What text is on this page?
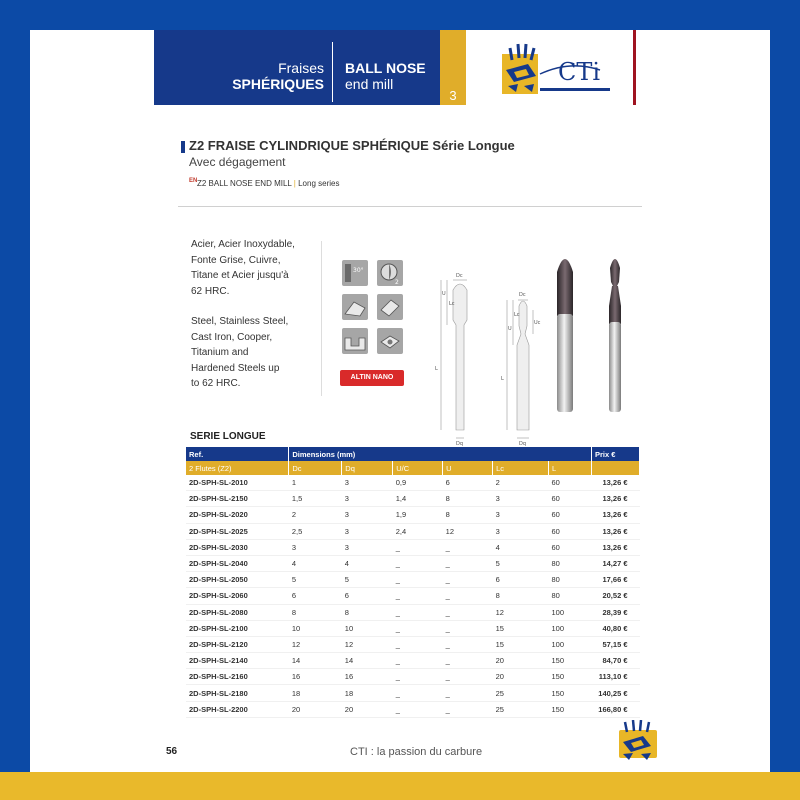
Fraises
SPHÉRIQUES
BALL NOSE
end mill
3
CTi
Z2 FRAISE CYLINDRIQUE SPHÉRIQUE Série Longue
Avec dégagement
EN Z2 BALL NOSE END MILL | Long series
Acier, Acier Inoxydable,
Fonte Grise, Cuivre,
Titane et Acier jusqu'à
62 HRC.
Steel, Stainless Steel,
Cast Iron, Cooper,
Titanium and
Hardened Steels up
to 62 HRC.
30°
2
ALTIN NANO
Dc
Lc
U
L
Dq
Dc
Lc
Uc
U
L
Dq
SERIE LONGUE
Ref.	Dimensions (mm)						Prix €
2 Flutes (Z2)	Dc	Dq	U/C	U	Lc	L	
2D-SPH-SL-2010	1	3	0,9	6	2	60	13,26 €
2D-SPH-SL-2150	1,5	3	1,4	8	3	60	13,26 €
2D-SPH-SL-2020	2	3	1,9	8	3	60	13,26 €
2D-SPH-SL-2025	2,5	3	2,4	12	3	60	13,26 €
2D-SPH-SL-2030	3	3	_	_	4	60	13,26 €
2D-SPH-SL-2040	4	4	_	_	5	80	14,27 €
2D-SPH-SL-2050	5	5	_	_	6	80	17,66 €
2D-SPH-SL-2060	6	6	_	_	8	80	20,52 €
2D-SPH-SL-2080	8	8	_	_	12	100	28,39 €
2D-SPH-SL-2100	10	10	_	_	15	100	40,80 €
2D-SPH-SL-2120	12	12	_	_	15	100	57,15 €
2D-SPH-SL-2140	14	14	_	_	20	150	84,70 €
2D-SPH-SL-2160	16	16	_	_	20	150	113,10 €
2D-SPH-SL-2180	18	18	_	_	25	150	140,25 €
2D-SPH-SL-2200	20	20	_	_	25	150	166,80 €
56	CTI : la passion du carbure
